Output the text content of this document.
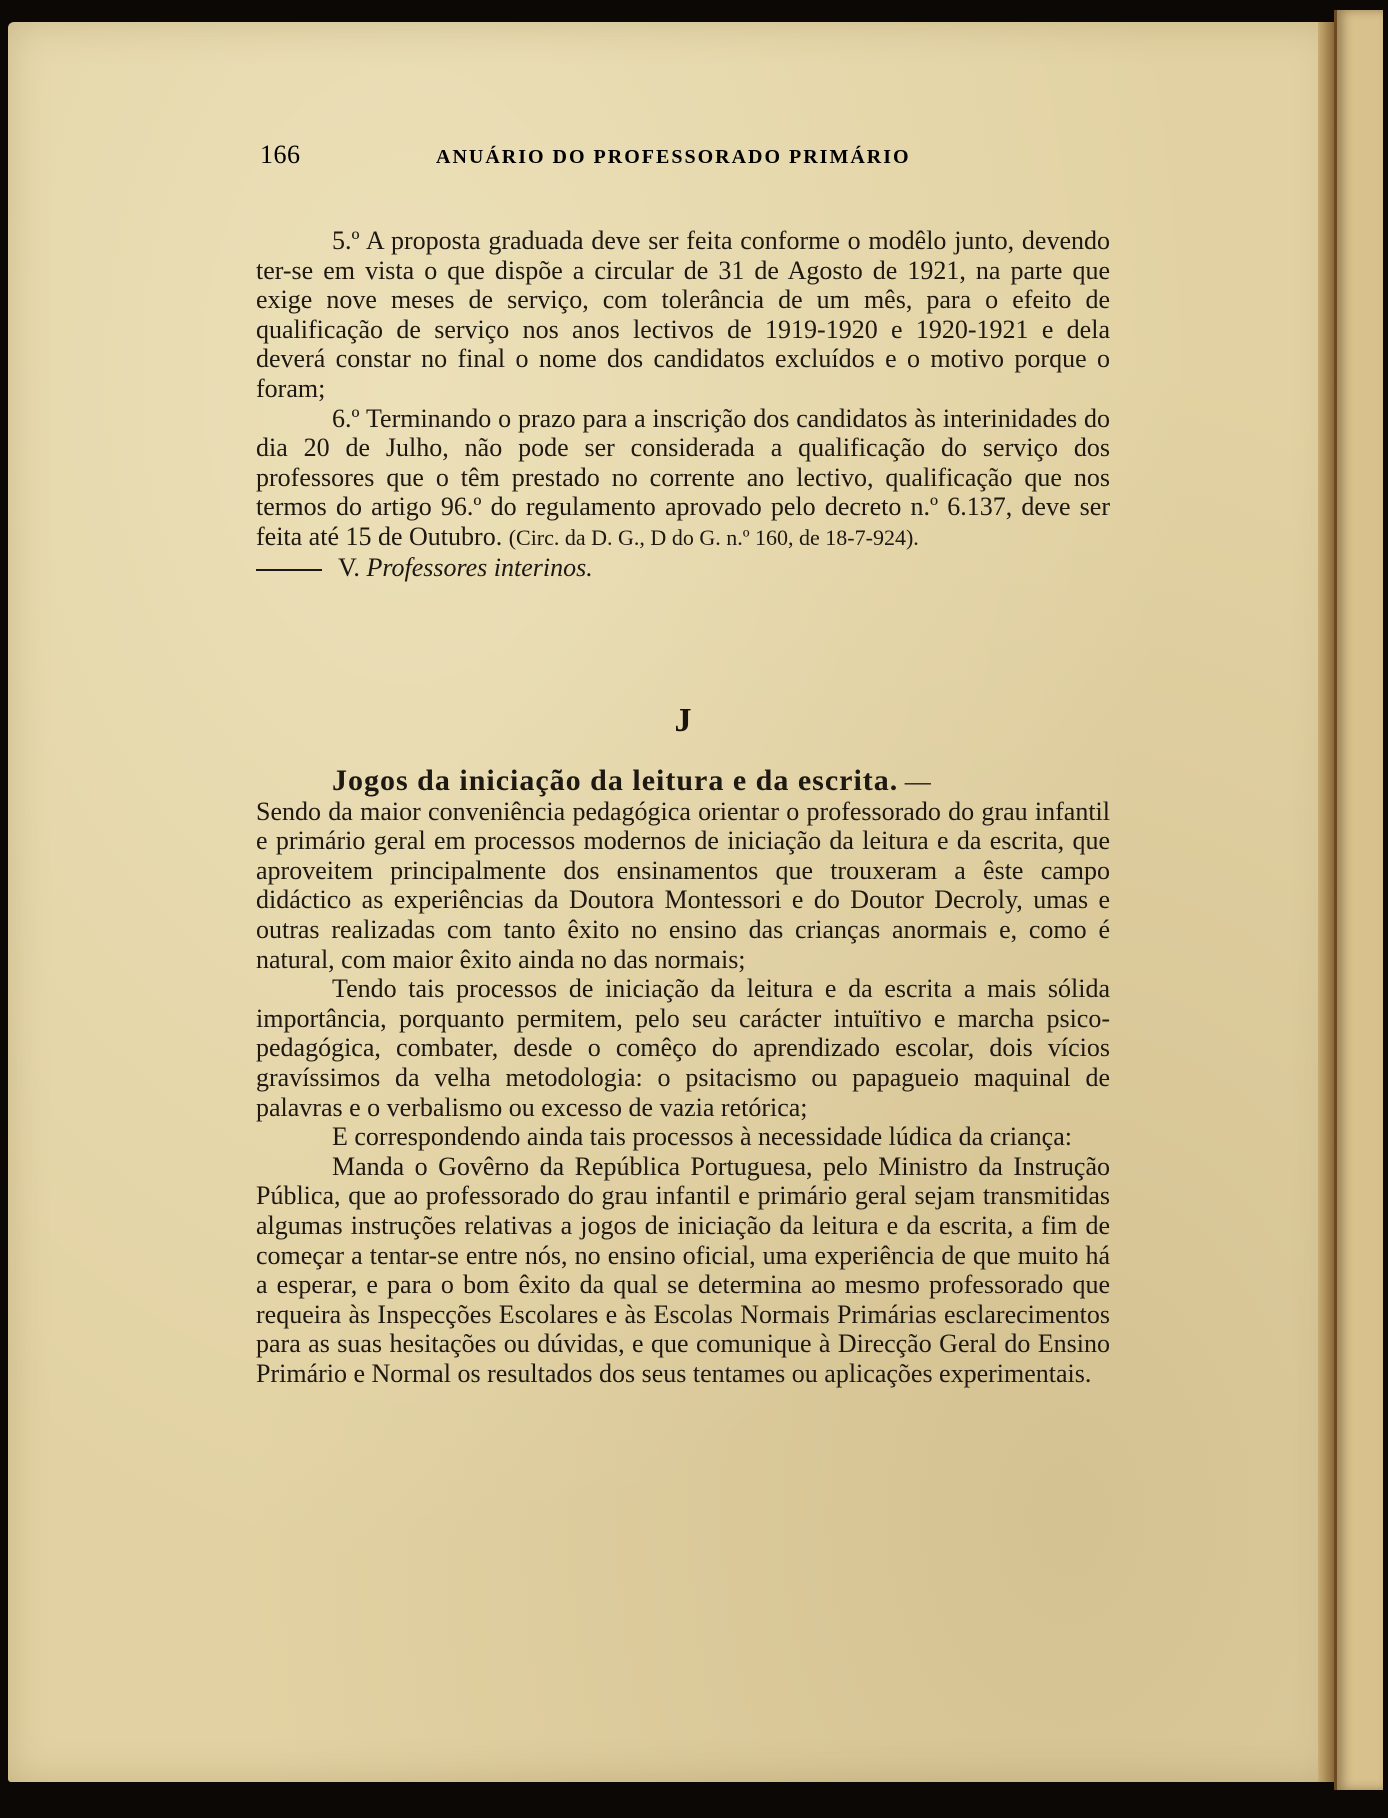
166	ANUÁRIO DO PROFESSORADO PRIMÁRIO

5.º A proposta graduada deve ser feita conforme o modêlo junto, devendo ter-se em vista o que dispõe a circular de 31 de Agosto de 1921, na parte que exige nove meses de serviço, com tolerância de um mês, para o efeito de qualificação de serviço nos anos lectivos de 1919-1920 e 1920-1921 e dela deverá constar no final o nome dos candidatos excluídos e o motivo porque o foram;

6.º Terminando o prazo para a inscrição dos candidatos às interinidades do dia 20 de Julho, não pode ser considerada a qualificação do serviço dos professores que o têm prestado no corrente ano lectivo, qualificação que nos termos do artigo 96.º do regulamento aprovado pelo decreto n.º 6.137, deve ser feita até 15 de Outubro. (Circ. da D. G., D do G. n.º 160, de 18-7-924).

V. Professores interinos.

J

Jogos da iniciação da leitura e da escrita. —

Sendo da maior conveniência pedagógica orientar o professorado do grau infantil e primário geral em processos modernos de iniciação da leitura e da escrita, que aproveitem principalmente dos ensinamentos que trouxeram a êste campo didáctico as experiências da Doutora Montessori e do Doutor Decroly, umas e outras realizadas com tanto êxito no ensino das crianças anormais e, como é natural, com maior êxito ainda no das normais;

Tendo tais processos de iniciação da leitura e da escrita a mais sólida importância, porquanto permitem, pelo seu carácter intuïtivo e marcha psico-pedagógica, combater, desde o comêço do aprendizado escolar, dois vícios gravíssimos da velha metodologia: o psitacismo ou papagueio maquinal de palavras e o verbalismo ou excesso de vazia retórica;

E correspondendo ainda tais processos à necessidade lúdica da criança:

Manda o Govêrno da República Portuguesa, pelo Ministro da Instrução Pública, que ao professorado do grau infantil e primário geral sejam transmitidas algumas instruções relativas a jogos de iniciação da leitura e da escrita, a fim de começar a tentar-se entre nós, no ensino oficial, uma experiência de que muito há a esperar, e para o bom êxito da qual se determina ao mesmo professorado que requeira às Inspecções Escolares e às Escolas Normais Primárias esclarecimentos para as suas hesitações ou dúvidas, e que comunique à Direcção Geral do Ensino Primário e Normal os resultados dos seus tentames ou aplicações experimentais.
